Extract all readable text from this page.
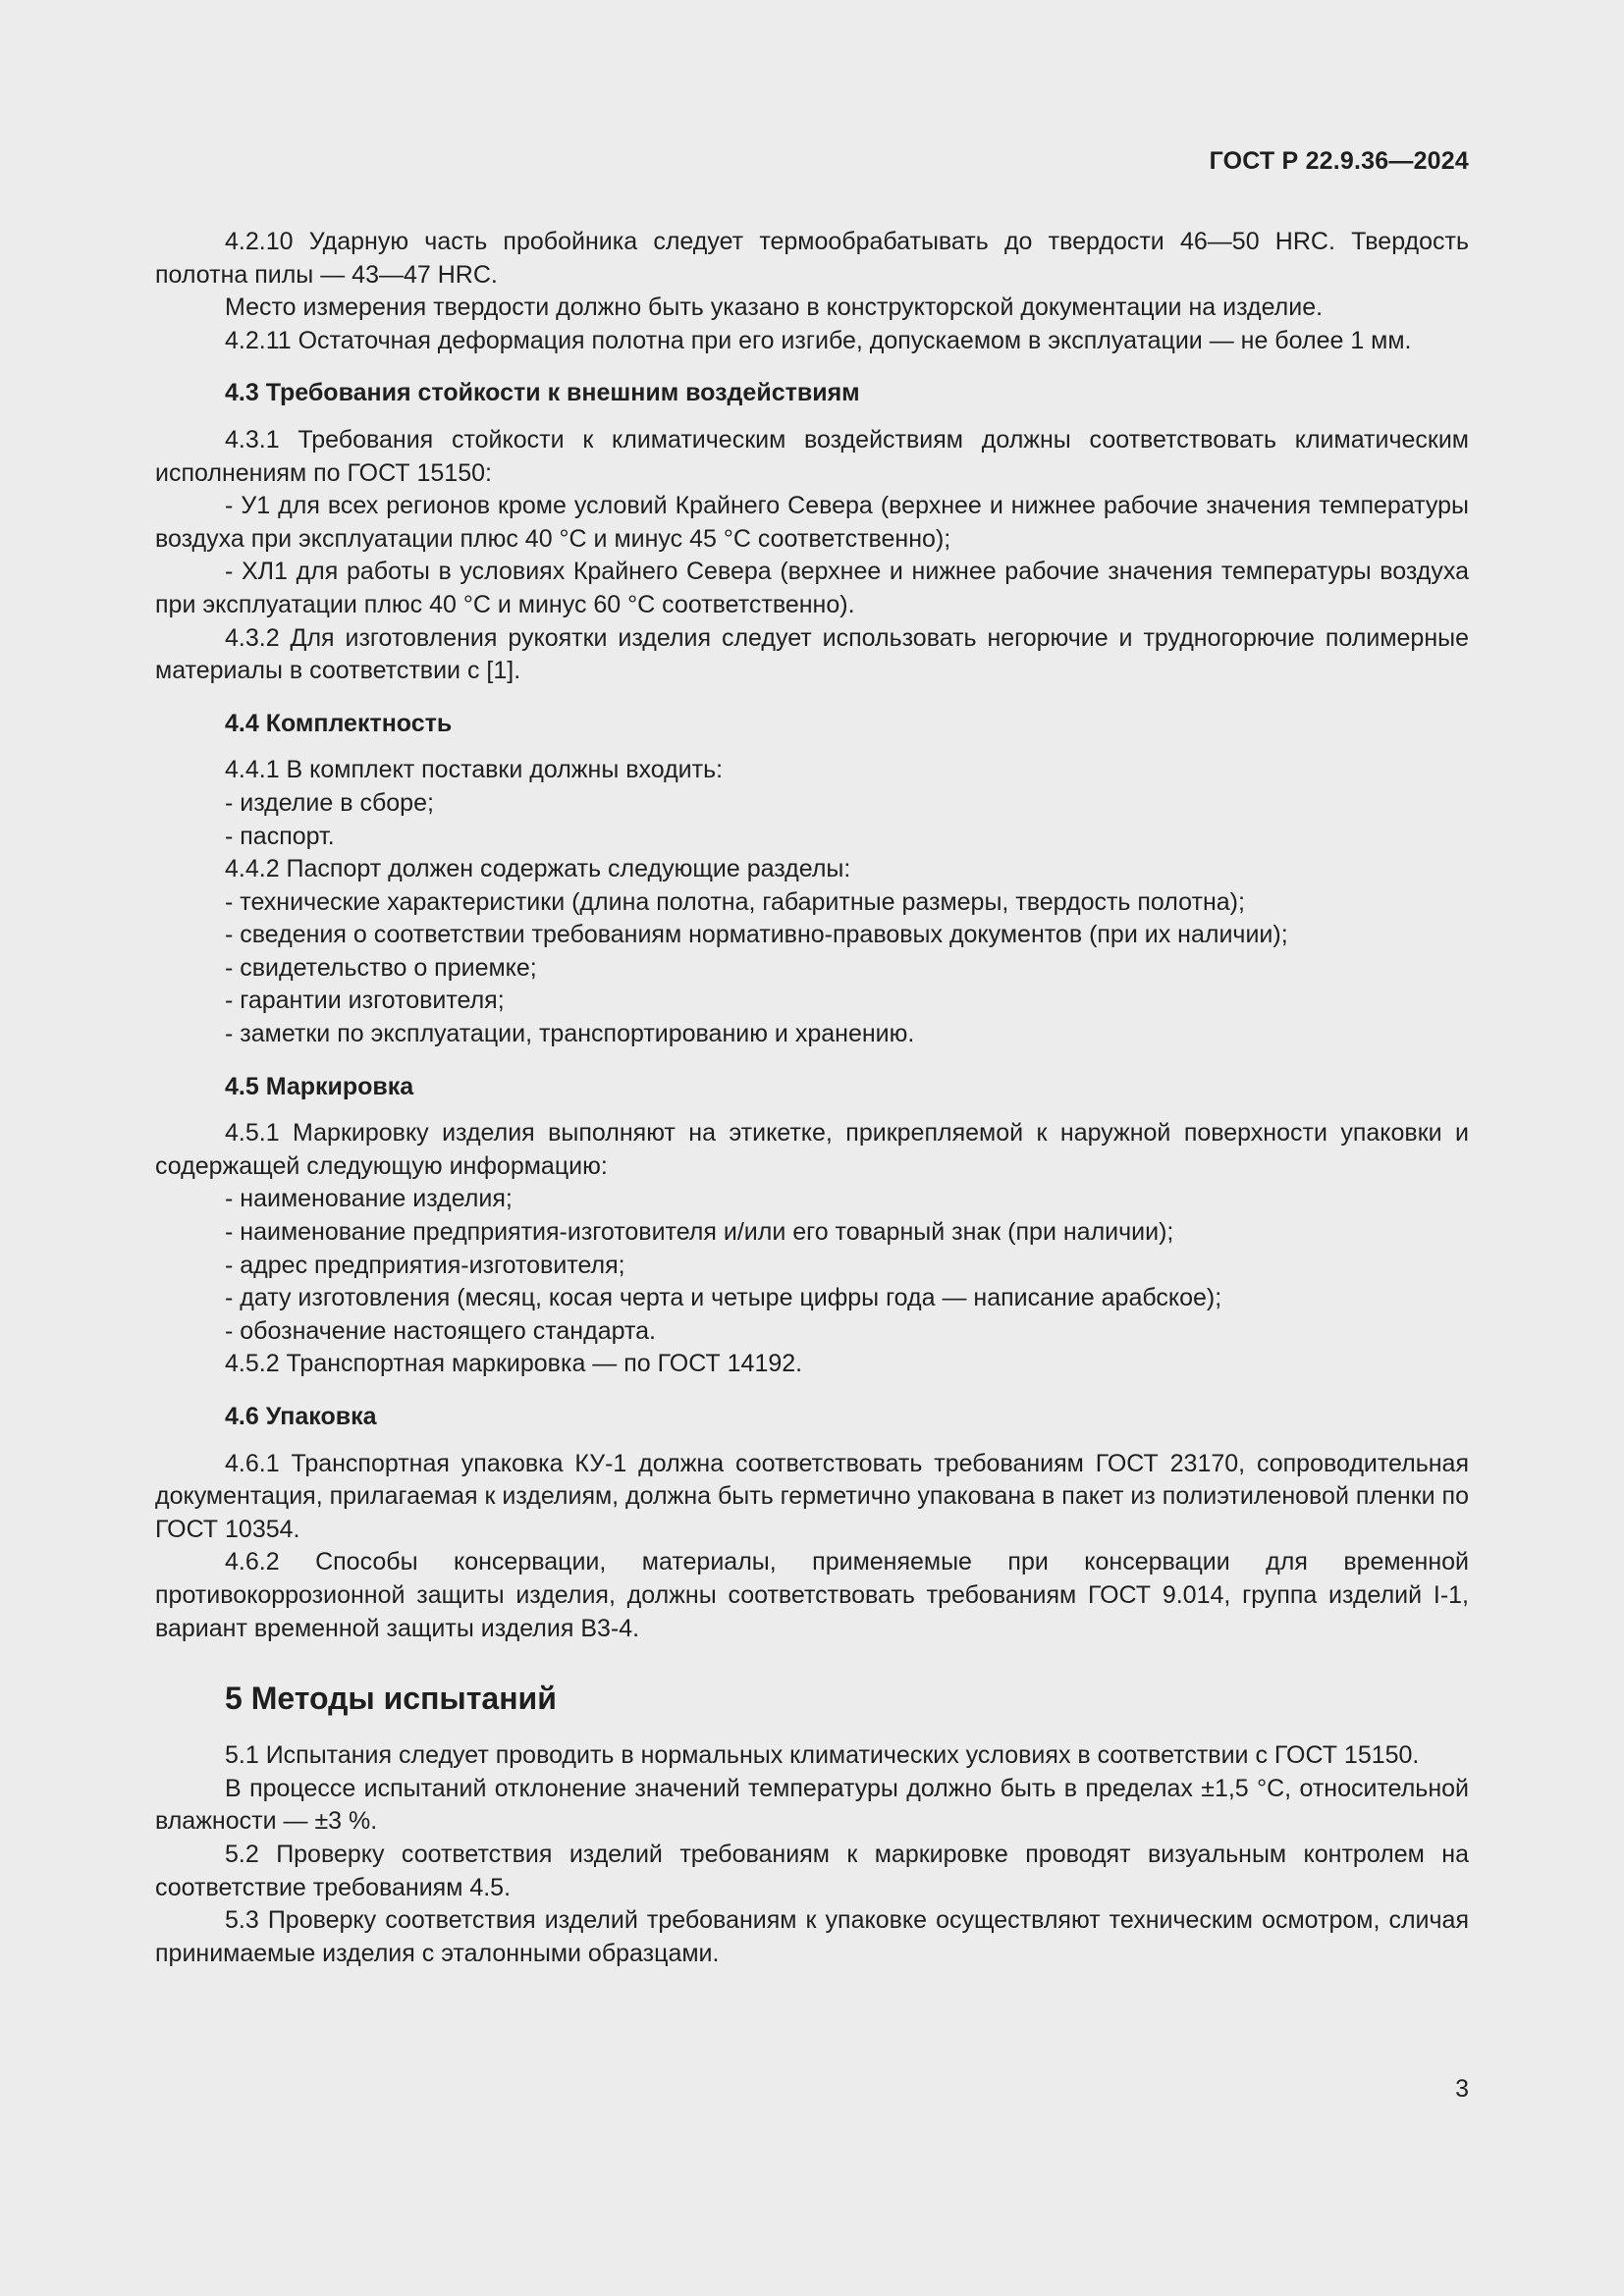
ГОСТ Р 22.9.36—2024

4.2.10 Ударную часть пробойника следует термообрабатывать до твердости 46—50 HRC. Твердость полотна пилы — 43—47 HRC.

Место измерения твердости должно быть указано в конструкторской документации на изделие.

4.2.11 Остаточная деформация полотна при его изгибе, допускаемом в эксплуатации — не более 1 мм.

4.3 Требования стойкости к внешним воздействиям

4.3.1 Требования стойкости к климатическим воздействиям должны соответствовать климатическим исполнениям по ГОСТ 15150:

- У1 для всех регионов кроме условий Крайнего Севера (верхнее и нижнее рабочие значения температуры воздуха при эксплуатации плюс 40 °С и минус 45 °С соответственно);

- ХЛ1 для работы в условиях Крайнего Севера (верхнее и нижнее рабочие значения температуры воздуха при эксплуатации плюс 40 °С и минус 60 °С соответственно).

4.3.2 Для изготовления рукоятки изделия следует использовать негорючие и трудногорючие полимерные материалы в соответствии с [1].

4.4 Комплектность

4.4.1 В комплект поставки должны входить:

- изделие в сборе;

- паспорт.

4.4.2 Паспорт должен содержать следующие разделы:

- технические характеристики (длина полотна, габаритные размеры, твердость полотна);

- сведения о соответствии требованиям нормативно-правовых документов (при их наличии);

- свидетельство о приемке;

- гарантии изготовителя;

- заметки по эксплуатации, транспортированию и хранению.

4.5 Маркировка

4.5.1 Маркировку изделия выполняют на этикетке, прикрепляемой к наружной поверхности упаковки и содержащей следующую информацию:

- наименование изделия;

- наименование предприятия-изготовителя и/или его товарный знак (при наличии);

- адрес предприятия-изготовителя;

- дату изготовления (месяц, косая черта и четыре цифры года — написание арабское);

- обозначение настоящего стандарта.

4.5.2 Транспортная маркировка — по ГОСТ 14192.

4.6 Упаковка

4.6.1 Транспортная упаковка КУ-1 должна соответствовать требованиям ГОСТ 23170, сопроводительная документация, прилагаемая к изделиям, должна быть герметично упакована в пакет из полиэтиленовой пленки по ГОСТ 10354.

4.6.2 Способы консервации, материалы, применяемые при консервации для временной противокоррозионной защиты изделия, должны соответствовать требованиям ГОСТ 9.014, группа изделий I-1, вариант временной защиты изделия В3-4.

5 Методы испытаний

5.1 Испытания следует проводить в нормальных климатических условиях в соответствии с ГОСТ 15150.

В процессе испытаний отклонение значений температуры должно быть в пределах ±1,5 °С, относительной влажности — ±3 %.

5.2 Проверку соответствия изделий требованиям к маркировке проводят визуальным контролем на соответствие требованиям 4.5.

5.3 Проверку соответствия изделий требованиям к упаковке осуществляют техническим осмотром, сличая принимаемые изделия с эталонными образцами.

3
